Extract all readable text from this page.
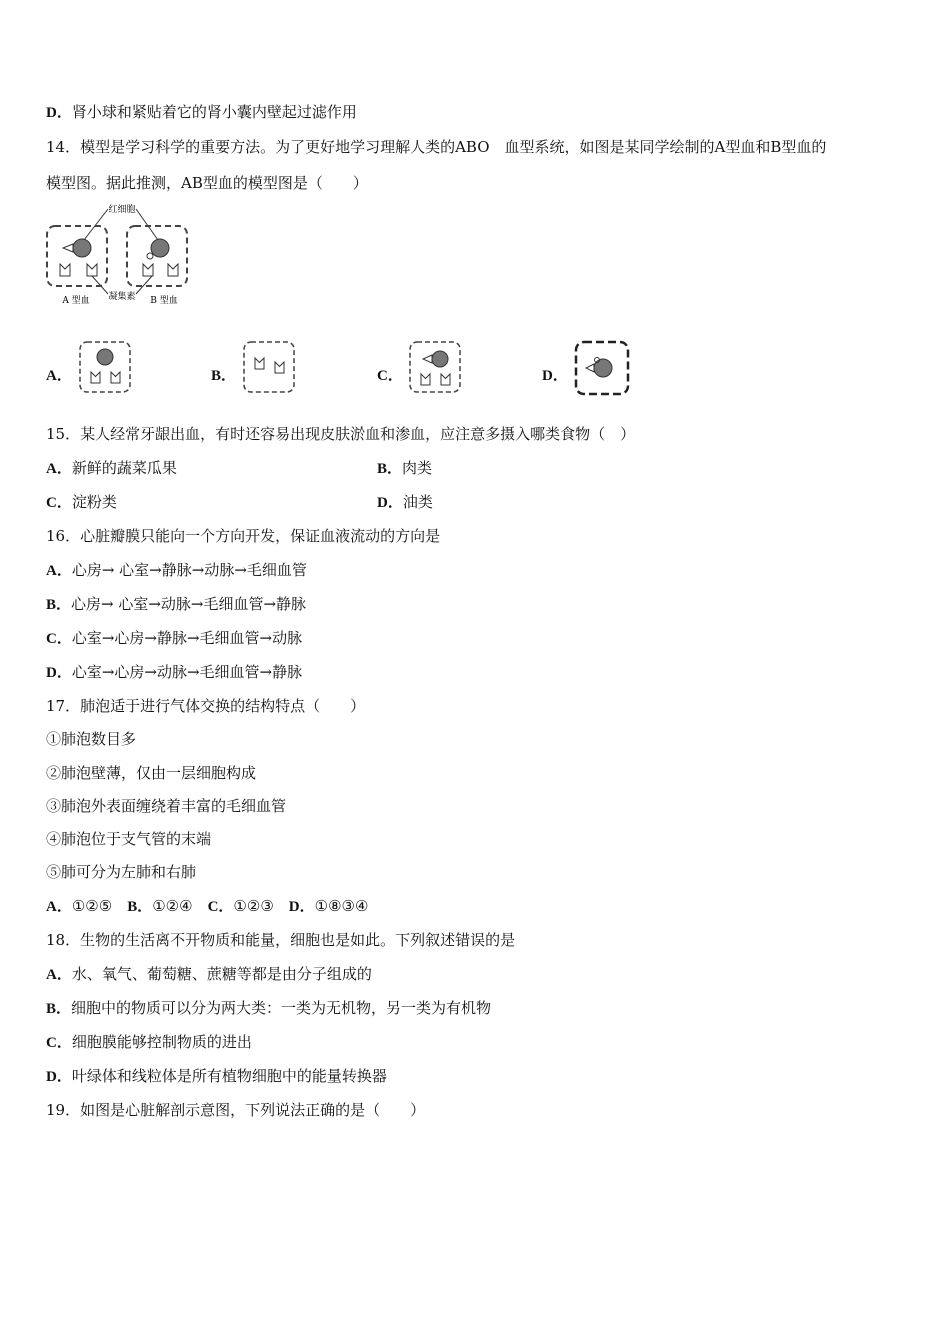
D．肾小球和紧贴着它的肾小囊内壁起过滤作用
14．模型是学习科学的重要方法。为了更好地学习理解人类的ABO　血型系统，如图是某同学绘制的A型血和B型血的
模型图。据此推测，AB型血的模型图是（　　）
红细胞
凝集素
A 型血	B 型血
A．	B．	C．	D．
15．某人经常牙龈出血，有时还容易出现皮肤淤血和渗血，应注意多摄入哪类食物（　）
A．新鲜的蔬菜瓜果	B．肉类
C．淀粉类	D．油类
16．心脏瓣膜只能向一个方向开发，保证血液流动的方向是
A．心房→ 心室→静脉→动脉→毛细血管
B．心房→ 心室→动脉→毛细血管→静脉
C．心室→心房→静脉→毛细血管→动脉
D．心室→心房→动脉→毛细血管→静脉
17．肺泡适于进行气体交换的结构特点（　　）
①肺泡数目多
②肺泡壁薄，仅由一层细胞构成
③肺泡外表面缠绕着丰富的毛细血管
④肺泡位于支气管的末端
⑤肺可分为左肺和右肺
A．①②⑤　 B．①②④　 C．①②③　 D．①⑧③④
18．生物的生活离不开物质和能量，细胞也是如此。下列叙述错误的是
A．水、氧气、葡萄糖、蔗糖等都是由分子组成的
B．细胞中的物质可以分为两大类：一类为无机物，另一类为有机物
C．细胞膜能够控制物质的进出
D．叶绿体和线粒体是所有植物细胞中的能量转换器
19．如图是心脏解剖示意图，下列说法正确的是（　　）
